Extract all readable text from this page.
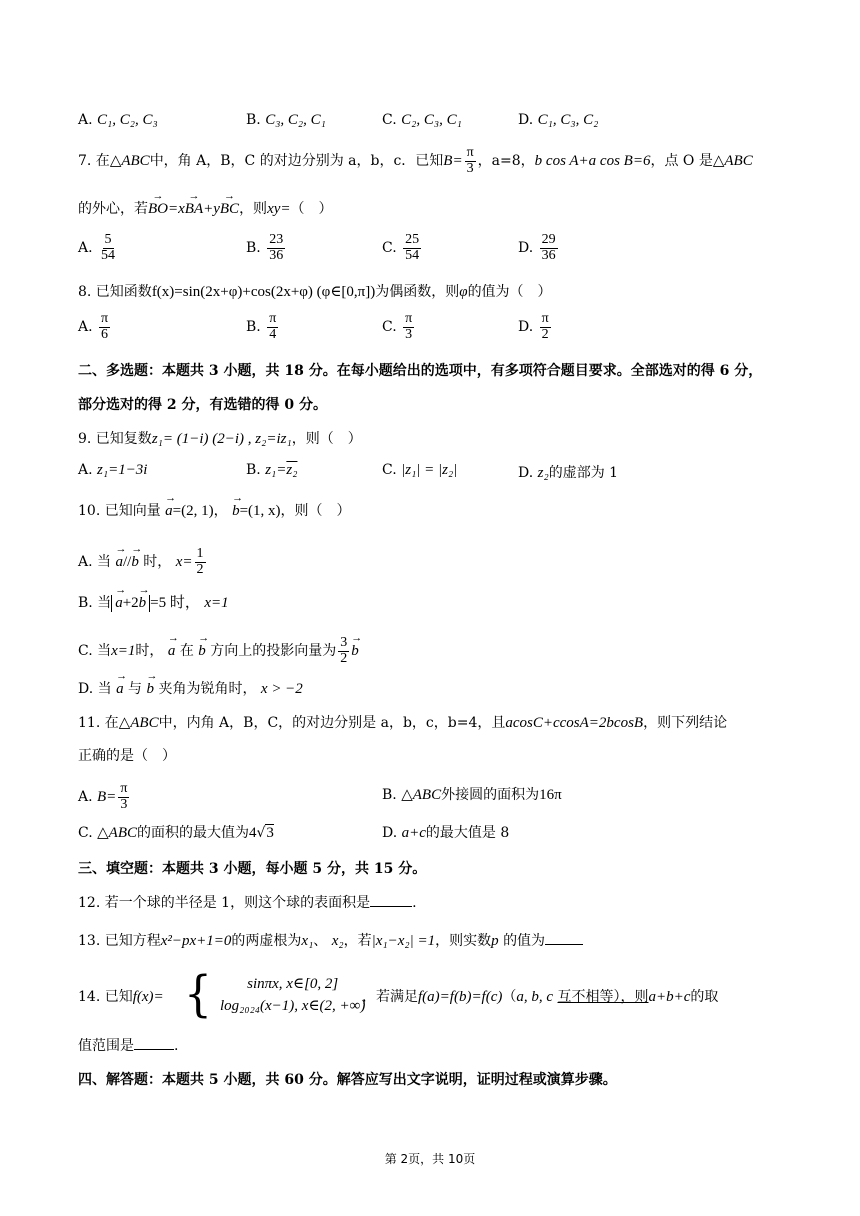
A. C₁, C₂, C₃	B. C₃, C₂, C₁	C. C₂, C₃, C₁	D. C₁, C₃, C₂
7. 在△ABC中，角 A，B，C 的对边分别为 a，b，c．已知$B= \frac{\pi}{3}$ ，a=8，b cos A+a cos B=6，点 O 是△ABC
的外心，若→ BO=x→ BA+y→ BC，则xy=（　）
A. $\frac{5}{54}$	B. $\frac{23}{36}$	C. $\frac{25}{54}$	D. $\frac{29}{36}$
8. 已知函数f(x)=sin(2x+φ)+cos(2x+φ) (φ∈[0,π])为偶函数，则φ的值为（　）
A. $\frac{\pi}{6}$	B. $\frac{\pi}{4}$	C. $\frac{\pi}{3}$	D. $\frac{\pi}{2}$
二、多选题：本题共 3 小题，共 18 分。在每小题给出的选项中，有多项符合题目要求。全部选对的得 6 分，
部分选对的得 2 分，有选错的得 0 分。
9. 已知复数z₁= (1−i) (2−i) , z₂=iz₁，则（　）
A. z₁=1−3i	B. z₁=z₂	C. |z₁| = |z₂|	D. z₂的虚部为 1
10. 已知向量 → a=(2, 1)， → b=(1, x)，则（　）
A. 当 → a//→ b 时， $x= \frac{1}{2}$
B. 当 → a+2→ b =5 时， x=1
C. 当x=1时， → a 在 → b 方向上的投影向量为 $\frac{3}{2} \to b$
D. 当 → a 与 → b 夹角为锐角时， x > −2
11. 在△ABC中，内角 A，B，C，的对边分别是 a，b，c，b=4，且acosC+ccosA=2bcosB，则下列结论
正确的是（　）
A. $B= \frac{\pi}{3}$	B. △ABC外接圆的面积为16π
C. △ABC的面积的最大值为4√3	D. a+c的最大值是 8
三、填空题：本题共 3 小题，每小题 5 分，共 15 分。
12. 若一个球的半径是 1，则这个球的表面积是	.
13. 已知方程x²−px+1=0的两虚根为x₁、 x₂，若|x₁−x₂| =1，则实数p 的值为
14. 已知f(x)= {	sinπx, x∈[0, 2]
log₂₀₂₄(x−1), x∈(2, +∞)
，若满足f(a)=f(b)=f(c)（a, b, c 互不相等），则a+b+c的取
值范围是	.
四、解答题：本题共 5 小题，共 60 分。解答应写出文字说明，证明过程或演算步骤。
第 2页，共 10页
